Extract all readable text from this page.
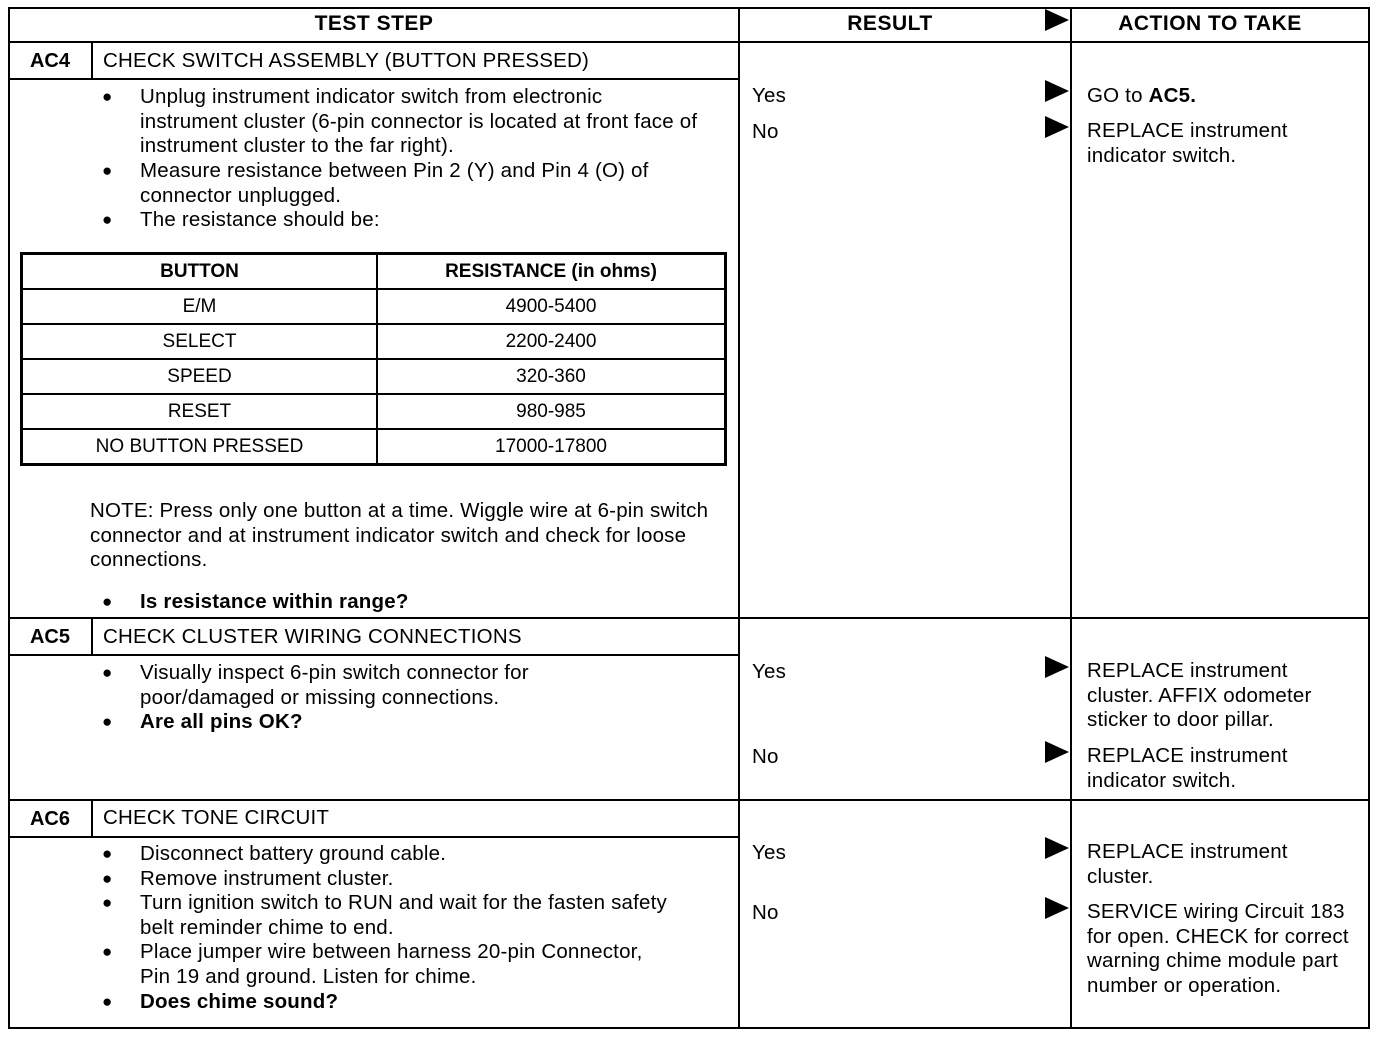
TEST STEP	RESULT	ACTION TO TAKE
AC4	CHECK SWITCH ASSEMBLY (BUTTON PRESSED)
● Unplug instrument indicator switch from electronic instrument cluster (6-pin connector is located at front face of instrument cluster to the far right).
● Measure resistance between Pin 2 (Y) and Pin 4 (O) of connector unplugged.
● The resistance should be:
BUTTON	RESISTANCE (in ohms)
E/M	4900-5400
SELECT	2200-2400
SPEED	320-360
RESET	980-985
NO BUTTON PRESSED	17000-17800
NOTE: Press only one button at a time. Wiggle wire at 6-pin switch connector and at instrument indicator switch and check for loose connections.
● Is resistance within range?
Yes	GO to AC5.
No	REPLACE instrument indicator switch.
AC5	CHECK CLUSTER WIRING CONNECTIONS
● Visually inspect 6-pin switch connector for poor/damaged or missing connections.
● Are all pins OK?
Yes	REPLACE instrument cluster. AFFIX odometer sticker to door pillar.
No	REPLACE instrument indicator switch.
AC6	CHECK TONE CIRCUIT
● Disconnect battery ground cable.
● Remove instrument cluster.
● Turn ignition switch to RUN and wait for the fasten safety belt reminder chime to end.
● Place jumper wire between harness 20-pin Connector, Pin 19 and ground. Listen for chime.
● Does chime sound?
Yes	REPLACE instrument cluster.
No	SERVICE wiring Circuit 183 for open. CHECK for correct warning chime module part number or operation.
